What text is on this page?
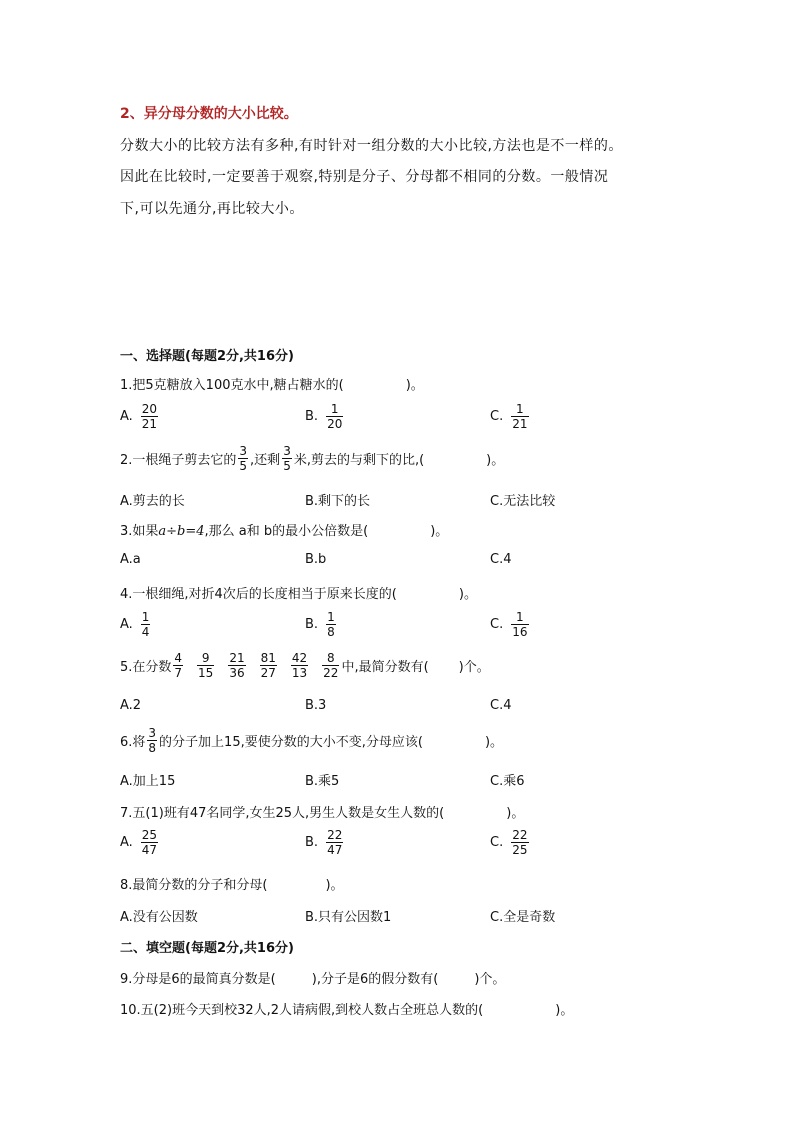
2、异分母分数的大小比较。
分数大小的比较方法有多种,有时针对一组分数的大小比较,方法也是不一样的。
因此在比较时,一定要善于观察,特别是分子、分母都不相同的分数。一般情况
下,可以先通分,再比较大小。
一、选择题(每题2分,共16分)
1.把5克糖放入100克水中,糖占糖水的(	)。
A. $\frac{20}{21}$	B. $\frac{1}{20}$	C. $\frac{1}{21}$
2.一根绳子剪去它的 $\frac{3}{5}$ ,还剩 $\frac{3}{5}$ 米,剪去的与剩下的比,(	)。
A.剪去的长	B.剩下的长	C.无法比较
3.如果a÷b=4,那么 a和 b的最小公倍数是(	)。
A.a	B.b	C.4
4.一根细绳,对折4次后的长度相当于原来长度的(	)。
A. $\frac{1}{4}$	B. $\frac{1}{8}$	C. $\frac{1}{16}$
5.在分数 $\frac{4}{7} \frac{9}{15} \frac{21}{36} \frac{81}{27} \frac{42}{13} \frac{8}{22}$ 中,最简分数有( )个。
A.2	B.3	C.4
6.将 $\frac{3}{8}$ 的分子加上15,要使分数的大小不变,分母应该(	)。
A.加上15	B.乘5	C.乘6
7.五(1)班有47名同学,女生25人,男生人数是女生人数的(	)。
A. $\frac{25}{47}$	B. $\frac{22}{47}$	C. $\frac{22}{25}$
8.最简分数的分子和分母(	)。
A.没有公因数	B.只有公因数1	C.全是奇数
二、填空题(每题2分,共16分)
9.分母是6的最简真分数是(	),分子是6的假分数有(	)个。
10.五(2)班今天到校32人,2人请病假,到校人数占全班总人数的(	)。
